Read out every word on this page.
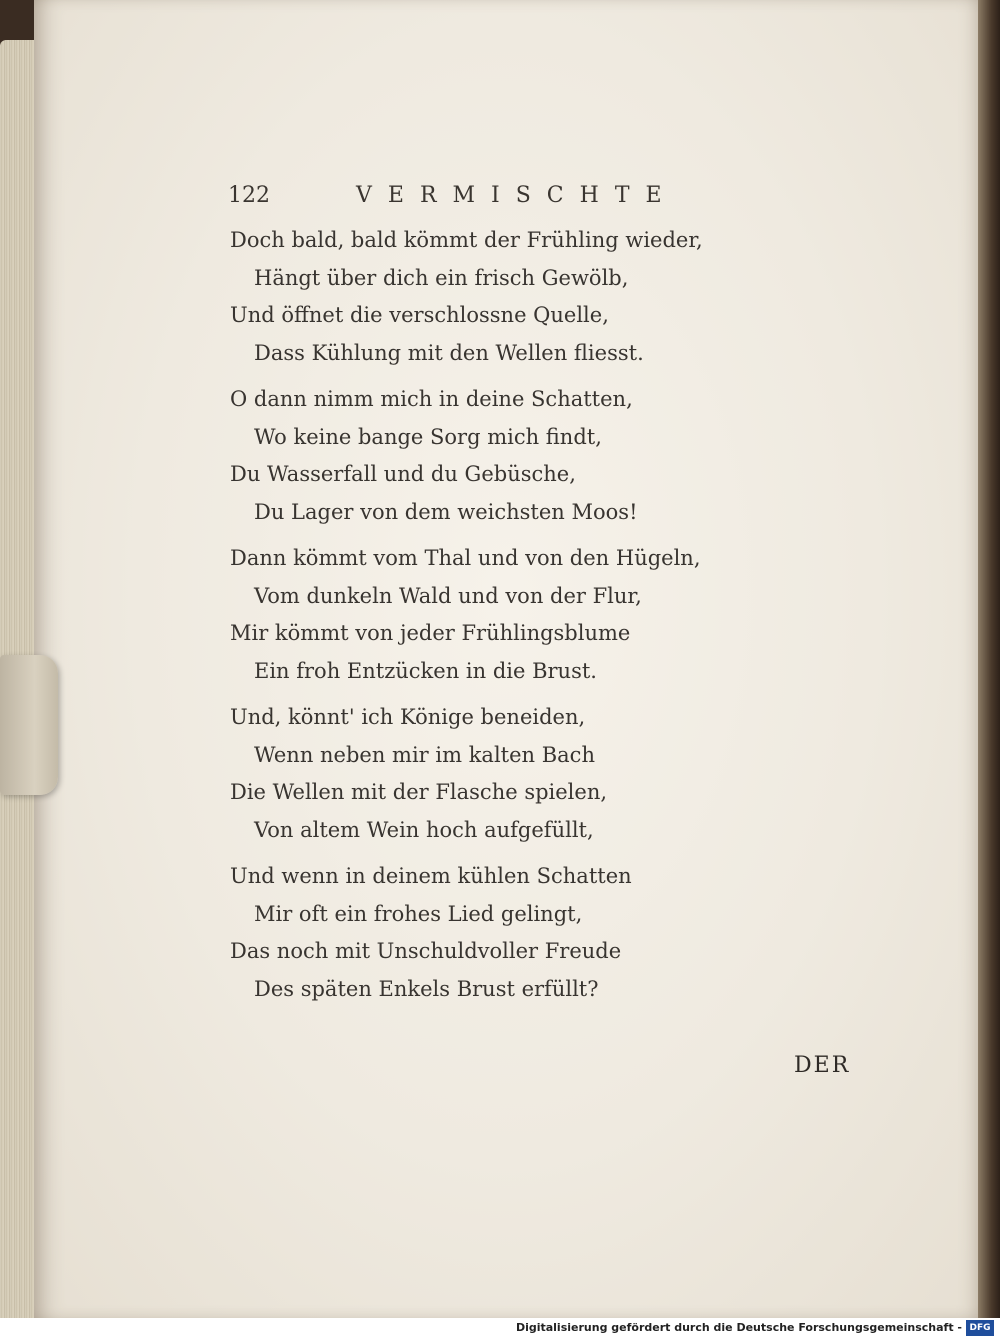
122	VERMISCHTE
Doch bald, bald kömmt der Frühling wieder,
Hängt über dich ein frisch Gewölb,
Und öffnet die verschlossne Quelle,
Dass Kühlung mit den Wellen fliesst.
O dann nimm mich in deine Schatten,
Wo keine bange Sorg mich findt,
Du Wasserfall und du Gebüsche,
Du Lager von dem weichsten Moos!
Dann kömmt vom Thal und von den Hügeln,
Vom dunkeln Wald und von der Flur,
Mir kömmt von jeder Frühlingsblume
Ein froh Entzücken in die Brust.
Und, könnt' ich Könige beneiden,
Wenn neben mir im kalten Bach
Die Wellen mit der Flasche spielen,
Von altem Wein hoch aufgefüllt,
Und wenn in deinem kühlen Schatten
Mir oft ein frohes Lied gelingt,
Das noch mit Unschuldvoller Freude
Des späten Enkels Brust erfüllt?
DER
Digitalisierung gefördert durch die Deutsche Forschungsgemeinschaft - DFG
